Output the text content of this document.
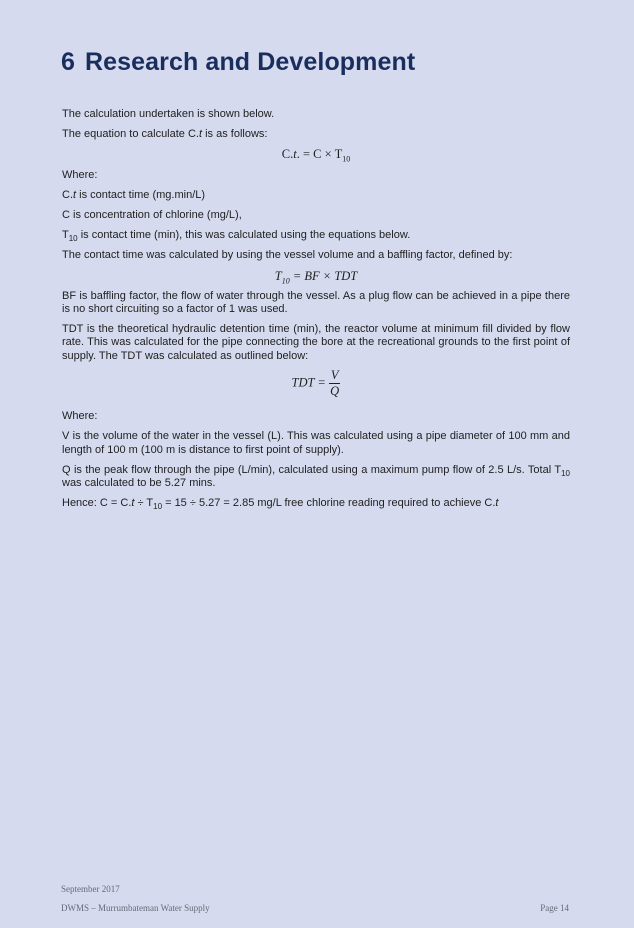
6 Research and Development

The calculation undertaken is shown below.

The equation to calculate C.t is as follows:

C.t. = $C \times T_{10}$

Where:

C.t is contact time (mg.min/L)

C is concentration of chlorine (mg/L),

$T_{10}$ is contact time (min), this was calculated using the equations below.

The contact time was calculated by using the vessel volume and a baffling factor, defined by:

$T_{10}$ = BF × TDT

BF is baffling factor, the flow of water through the vessel. As a plug flow can be achieved in a pipe there is no short circuiting so a factor of 1 was used.

TDT is the theoretical hydraulic detention time (min), the reactor volume at minimum fill divided by flow rate. This was calculated for the pipe connecting the bore at the recreational grounds to the first point of supply. The TDT was calculated as outlined below:

TDT = $\frac{V}{Q}$

Where:

V is the volume of the water in the vessel (L). This was calculated using a pipe diameter of 100 mm and length of 100 m (100 m is distance to first point of supply).

Q is the peak flow through the pipe (L/min), calculated using a maximum pump flow of 2.5 L/s. Total $T_{10}$ was calculated to be 5.27 mins.

Hence: $C = C.t \div T_{10} = 15 \div 5.27 = 2.85$ mg/L free chlorine reading required to achieve C.t

September 2017
DWMS – Murrumbateman Water Supply	Page 14
